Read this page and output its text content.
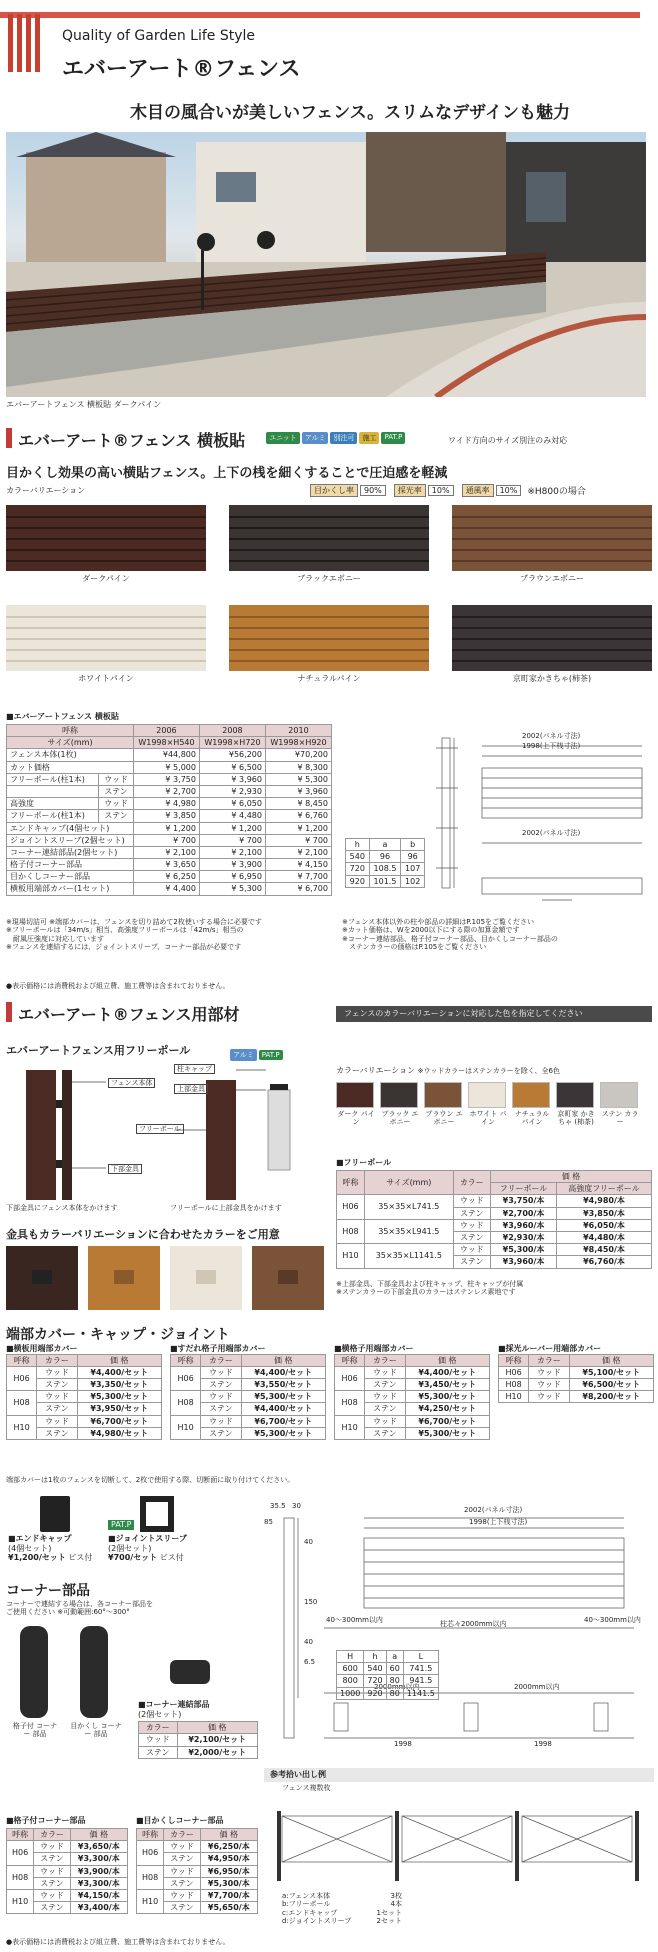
Quality of Garden Life Style
エバーアート®フェンス
木目の風合いが美しいフェンス。スリムなデザインも魅力
エバーアートフェンス 横板貼 ダークパイン
エバーアート®フェンス 横板貼	ユニット	アルミ	別注可	施工	PAT.P	ワイド方向のサイズ別注のみ対応
目かくし効果の高い横貼フェンス。上下の桟を細くすることで圧迫感を軽減
カラーバリエーション	目かくし率	90%	採光率	10%	通風率	10%	※H800の場合
ダークパイン	ブラックエボニー	ブラウンエボニー
ホワイトパイン	ナチュラルパイン	京町家かきちゃ(柿茶)
■エバーアートフェンス 横板貼
呼称		2006	2008	2010
サイズ(mm)		W1998×H540	W1998×H720	W1998×H920
フェンス本体(1枚)		¥44,800	¥56,200	¥70,200
カット価格		¥ 5,000	¥ 6,500	¥ 8,300
フリーポール(柱1本)	ウッド	¥ 3,750	¥ 3,960	¥ 5,300
	ステン	¥ 2,700	¥ 2,930	¥ 3,960
高強度	ウッド	¥ 4,980	¥ 6,050	¥ 8,450
フリーポール(柱1本)	ステン	¥ 3,850	¥ 4,480	¥ 6,760
エンドキャップ(4個セット)		¥ 1,200	¥ 1,200	¥ 1,200
ジョイントスリーブ(2個セット)		¥ 700	¥ 700	¥ 700
コーナー連結部品(2個セット)		¥ 2,100	¥ 2,100	¥ 2,100
格子付コーナー部品		¥ 3,650	¥ 3,900	¥ 4,150
目かくしコーナー部品		¥ 6,250	¥ 6,950	¥ 7,700
横板用端部カバー(1セット)		¥ 4,400	¥ 5,300	¥ 6,700
※現場切詰可 ※端部カバーは、フェンスを切り詰めて2枚使いする場合に必要です
※フリーポールは「34m/s」相当、高強度フリーポールは「42m/s」相当の
　耐風圧強度に対応しています
※フェンスを連結するには、ジョイントスリーブ、コーナー部品が必要です
※フェンス本体以外の柱や部品の詳細はP.105をご覧ください
※カット価格は、Wを2000以下にする際の加算金額です
※コーナー連結部品、格子付コーナー部品、目かくしコーナー部品の
　ステンカラーの価格はP.105をご覧ください
●表示価格には消費税および組立費、施工費等は含まれておりません。
h	a	b
540	96	96
720	108.5	107
920	101.5	102
2002(パネル寸法)
1998(上下桟寸法)
2002(パネル寸法)
エバーアート®フェンス用部材	フェンスのカラーバリエーションに対応した色を指定してください
エバーアートフェンス用フリーポール	アルミ PAT.P
フェンス本体
下部金具
柱キャップ
上部金具
フリーポール
下部金具にフェンス本体をかけます	フリーポールに上部金具をかけます
金具もカラーバリエーションに合わせたカラーをご用意
カラーバリエーション ※ウッドカラーはステンカラーを除く、全6色
ダーク パイン
ブラック エボニー
ブラウン エボニー
ホワイト パイン
ナチュラル パイン
京町家 かきちゃ (柿茶)
ステン カラー
■フリーポール
呼称	サイズ(mm)	カラー	価 格	
			フリーポール	高強度フリーポール
H06	35×35×L741.5	ウッド	¥3,750/本	¥4,980/本
		ステン	¥2,700/本	¥3,850/本
H08	35×35×L941.5	ウッド	¥3,960/本	¥6,050/本
		ステン	¥2,930/本	¥4,480/本
H10	35×35×L1141.5	ウッド	¥5,300/本	¥8,450/本
		ステン	¥3,960/本	¥6,760/本
※上部金具、下部金具および柱キャップ、柱キャップが付属
※ステンカラーの下部金具のカラーはステンレス素地です
端部カバー・キャップ・ジョイント
■横板用端部カバー
呼称	カラー	価 格
H06	ウッド	¥4,400/セット
	ステン	¥3,350/セット
H08	ウッド	¥5,300/セット
	ステン	¥3,950/セット
H10	ウッド	¥6,700/セット
	ステン	¥4,980/セット
■すだれ格子用端部カバー
呼称	カラー	価 格
H06	ウッド	¥4,400/セット
	ステン	¥3,550/セット
H08	ウッド	¥5,300/セット
	ステン	¥4,400/セット
H10	ウッド	¥6,700/セット
	ステン	¥5,300/セット
■横格子用端部カバー
呼称	カラー	価 格
H06	ウッド	¥4,400/セット
	ステン	¥3,450/セット
H08	ウッド	¥5,300/セット
	ステン	¥4,250/セット
H10	ウッド	¥6,700/セット
	ステン	¥5,300/セット
■採光ルーバー用端部カバー
呼称	カラー	価 格
H06	ウッド	¥5,100/セット
H08	ウッド	¥6,500/セット
H10	ウッド	¥8,200/セット
端部カバーは1枚のフェンスを切断して、2枚で使用する際、切断面に取り付けてください。
PAT.P
■エンドキャップ
(4個セット)
¥1,200/セット ビス付
■ジョイントスリーブ
(2個セット)
¥700/セット ビス付
コーナー部品
コーナーで連結する場合は、各コーナー部品を
ご使用ください ※可動範囲:60°〜300°
格子付 コーナー 部品
目かくし コーナー 部品
■コーナー連結部品
(2個セット)
カラー	価 格
ウッド	¥2,100/セット
ステン	¥2,000/セット
■格子付コーナー部品
呼称	カラー	価 格
H06	ウッド	¥3,650/本
	ステン	¥3,300/本
H08	ウッド	¥3,900/本
	ステン	¥3,300/本
H10	ウッド	¥4,150/本
	ステン	¥3,400/本
■目かくしコーナー部品
呼称	カラー	価 格
H06	ウッド	¥6,250/本
	ステン	¥4,950/本
H08	ウッド	¥6,950/本
	ステン	¥5,300/本
H10	ウッド	¥7,700/本
	ステン	¥5,650/本
●表示価格には消費税および組立費、施工費等は含まれておりません。
2002(パネル寸法)
1998(上下桟寸法)
40〜300mm以内	柱芯々2000mm以内	40〜300mm以内
2000mm以内	2000mm以内
1998	1998
35.5 30
85
40
150
6.5
40
H	h	a	L
600	540	60	741.5
800	720	80	941.5
1000	920	80	1141.5
参考拾い出し例
フェンス複数枚
a:フェンス本体	3枚
b:フリーポール	4本
c:エンドキャップ	1セット
d:ジョイントスリーブ	2セット
